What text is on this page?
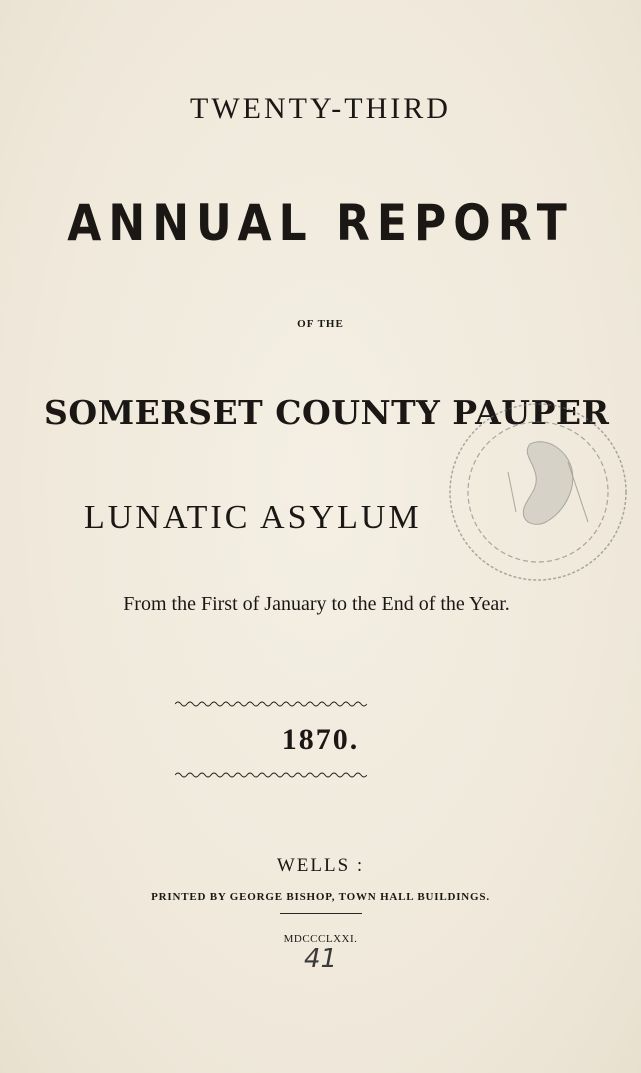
TWENTY-THIRD
ANNUAL REPORT
OF THE
SOMERSET COUNTY PAUPER
LUNATIC ASYLUM
From the First of January to the End of the Year.
1870.
WELLS :
PRINTED BY GEORGE BISHOP, TOWN HALL BUILDINGS.
MDCCCLXXI.
41
